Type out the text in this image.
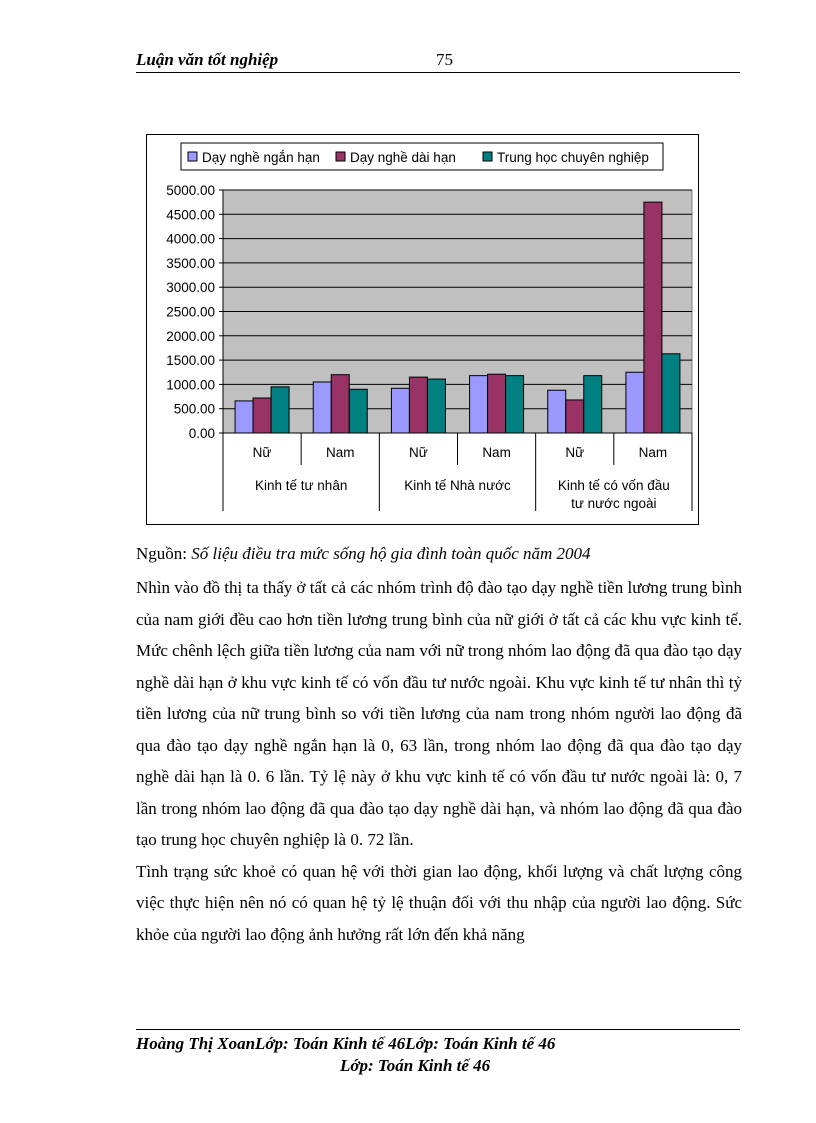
Luận văn tốt nghiệp	75
Dạy nghề ngắn hạn Dạy nghề dài hạn	Trung học chuyên nghiệp
5000.00
4500.00
4000.00
3500.00
3000.00
2500.00
2000.00
1500.00
1000.00
500.00
0.00
Nữ	Nam	Nữ	Nam	Nữ	Nam
Kinh tế tư nhân	Kinh tế Nhà nước	Kinh tế có vốn đầu
tư nước ngoài
Nguồn: Số liệu điều tra mức sống hộ gia đình toàn quốc năm 2004

Nhìn vào đồ thị ta thấy ở tất cả các nhóm trình độ đào tạo dạy nghề tiền lương trung bình của nam giới đều cao hơn tiền lương trung bình của nữ giới ở tất cả các khu vực kinh tế. Mức chênh lệch giữa tiền lương của nam với nữ trong nhóm lao động đã qua đào tạo dạy nghề dài hạn ở khu vực kinh tế có vốn đầu tư nước ngoài. Khu vực kinh tế tư nhân thì tỷ tiền lương của nữ trung bình so với tiền lương của nam trong nhóm người lao động đã qua đào tạo dạy nghề ngắn hạn là 0, 63 lần, trong nhóm lao động đã qua đào tạo dạy nghề dài hạn là 0. 6 lần. Tỷ lệ này ở khu vực kinh tế có vốn đầu tư nước ngoài là: 0, 7 lần trong nhóm lao động đã qua đào tạo dạy nghề dài hạn, và nhóm lao động đã qua đào tạo trung học chuyên nghiệp là 0. 72 lần.

Tình trạng sức khoẻ có quan hệ với thời gian lao động, khối lượng và chất lượng công việc thực hiện nên nó có quan hệ tỷ lệ thuận đối với thu nhập của người lao động. Sức khỏe của người lao động ảnh hưởng rất lớn đến khả năng

Hoàng Thị XoanLớp: Toán Kinh tế 46Lớp: Toán Kinh tế 46
Lớp: Toán Kinh tế 46
